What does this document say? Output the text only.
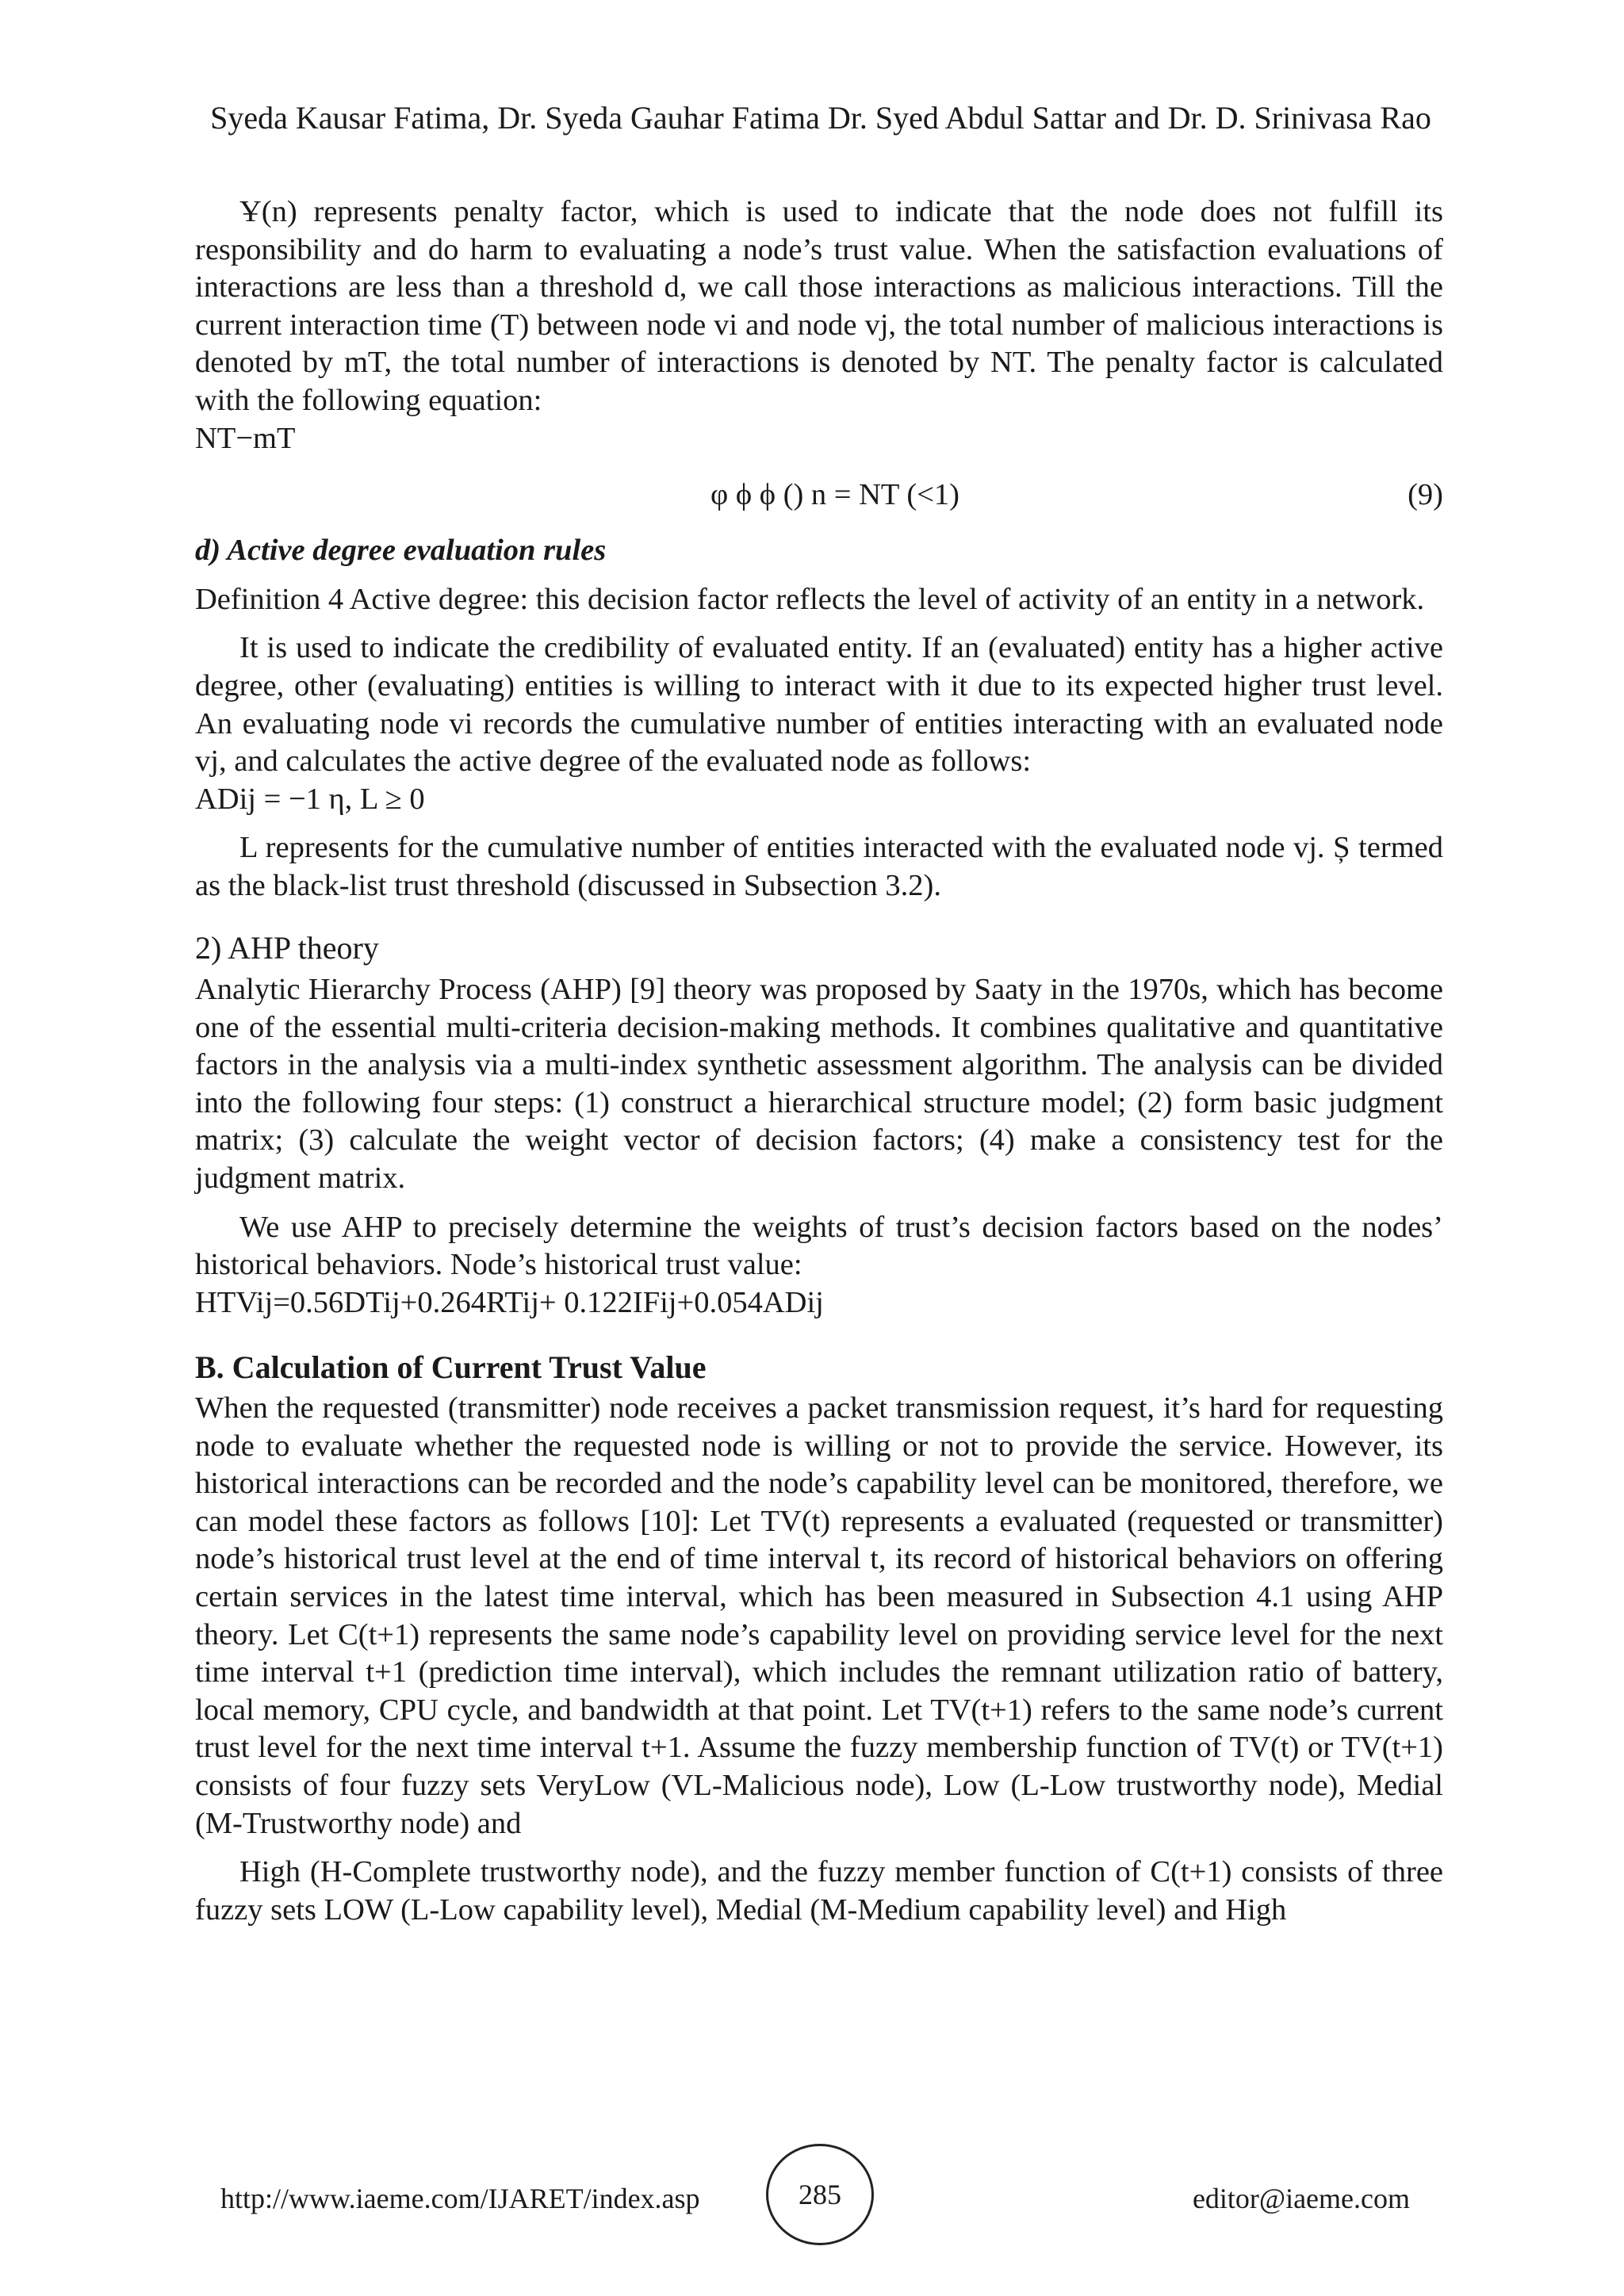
Syeda Kausar Fatima, Dr. Syeda Gauhar Fatima Dr. Syed Abdul Sattar and Dr. D. Srinivasa Rao

Ұ(n) represents penalty factor, which is used to indicate that the node does not fulfill its responsibility and do harm to evaluating a node’s trust value. When the satisfaction evaluations of interactions are less than a threshold d, we call those interactions as malicious interactions. Till the current interaction time (T) between node vi and node vj, the total number of malicious interactions is denoted by mT, the total number of interactions is denoted by NT. The penalty factor is calculated with the following equation:

NT−mT

φ ϕ ϕ () n = NT (<1)	(9)

d) Active degree evaluation rules

Definition 4 Active degree: this decision factor reflects the level of activity of an entity in a network.

It is used to indicate the credibility of evaluated entity. If an (evaluated) entity has a higher active degree, other (evaluating) entities is willing to interact with it due to its expected higher trust level. An evaluating node vi records the cumulative number of entities interacting with an evaluated node vj, and calculates the active degree of the evaluated node as follows:

ADij = −1 η, L ≥ 0

L represents for the cumulative number of entities interacted with the evaluated node vj. Ș termed as the black-list trust threshold (discussed in Subsection 3.2).

2) AHP theory

Analytic Hierarchy Process (AHP) [9] theory was proposed by Saaty in the 1970s, which has become one of the essential multi-criteria decision-making methods. It combines qualitative and quantitative factors in the analysis via a multi-index synthetic assessment algorithm. The analysis can be divided into the following four steps: (1) construct a hierarchical structure model; (2) form basic judgment matrix; (3) calculate the weight vector of decision factors; (4) make a consistency test for the judgment matrix.

We use AHP to precisely determine the weights of trust’s decision factors based on the nodes’ historical behaviors. Node’s historical trust value:

HTVij=0.56DTij+0.264RTij+ 0.122IFij+0.054ADij

B. Calculation of Current Trust Value

When the requested (transmitter) node receives a packet transmission request, it’s hard for requesting node to evaluate whether the requested node is willing or not to provide the service. However, its historical interactions can be recorded and the node’s capability level can be monitored, therefore, we can model these factors as follows [10]: Let TV(t) represents a evaluated (requested or transmitter) node’s historical trust level at the end of time interval t, its record of historical behaviors on offering certain services in the latest time interval, which has been measured in Subsection 4.1 using AHP theory. Let C(t+1) represents the same node’s capability level on providing service level for the next time interval t+1 (prediction time interval), which includes the remnant utilization ratio of battery, local memory, CPU cycle, and bandwidth at that point. Let TV(t+1) refers to the same node’s current trust level for the next time interval t+1. Assume the fuzzy membership function of TV(t) or TV(t+1) consists of four fuzzy sets VeryLow (VL-Malicious node), Low (L-Low trustworthy node), Medial (M-Trustworthy node) and

High (H-Complete trustworthy node), and the fuzzy member function of C(t+1) consists of three fuzzy sets LOW (L-Low capability level), Medial (M-Medium capability level) and High

http://www.iaeme.com/IJARET/index.asp	285	editor@iaeme.com
